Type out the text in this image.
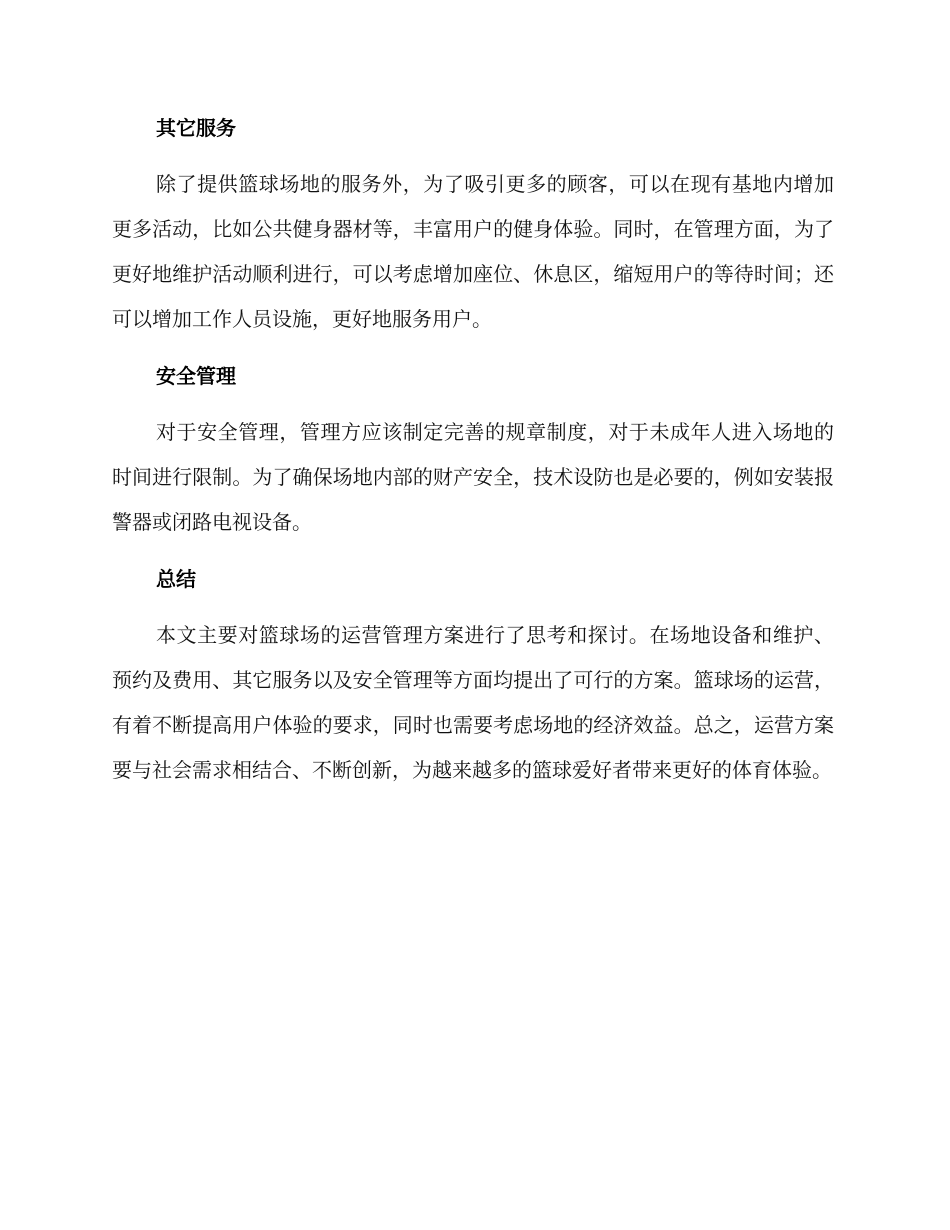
其它服务

除了提供篮球场地的服务外，为了吸引更多的顾客，可以在现有基地内增加更多活动，比如公共健身器材等，丰富用户的健身体验。同时，在管理方面，为了更好地维护活动顺利进行，可以考虑增加座位、休息区，缩短用户的等待时间；还可以增加工作人员设施，更好地服务用户。

安全管理

对于安全管理，管理方应该制定完善的规章制度，对于未成年人进入场地的时间进行限制。为了确保场地内部的财产安全，技术设防也是必要的，例如安装报警器或闭路电视设备。

总结

本文主要对篮球场的运营管理方案进行了思考和探讨。在场地设备和维护、预约及费用、其它服务以及安全管理等方面均提出了可行的方案。篮球场的运营，有着不断提高用户体验的要求，同时也需要考虑场地的经济效益。总之，运营方案要与社会需求相结合、不断创新，为越来越多的篮球爱好者带来更好的体育体验。
